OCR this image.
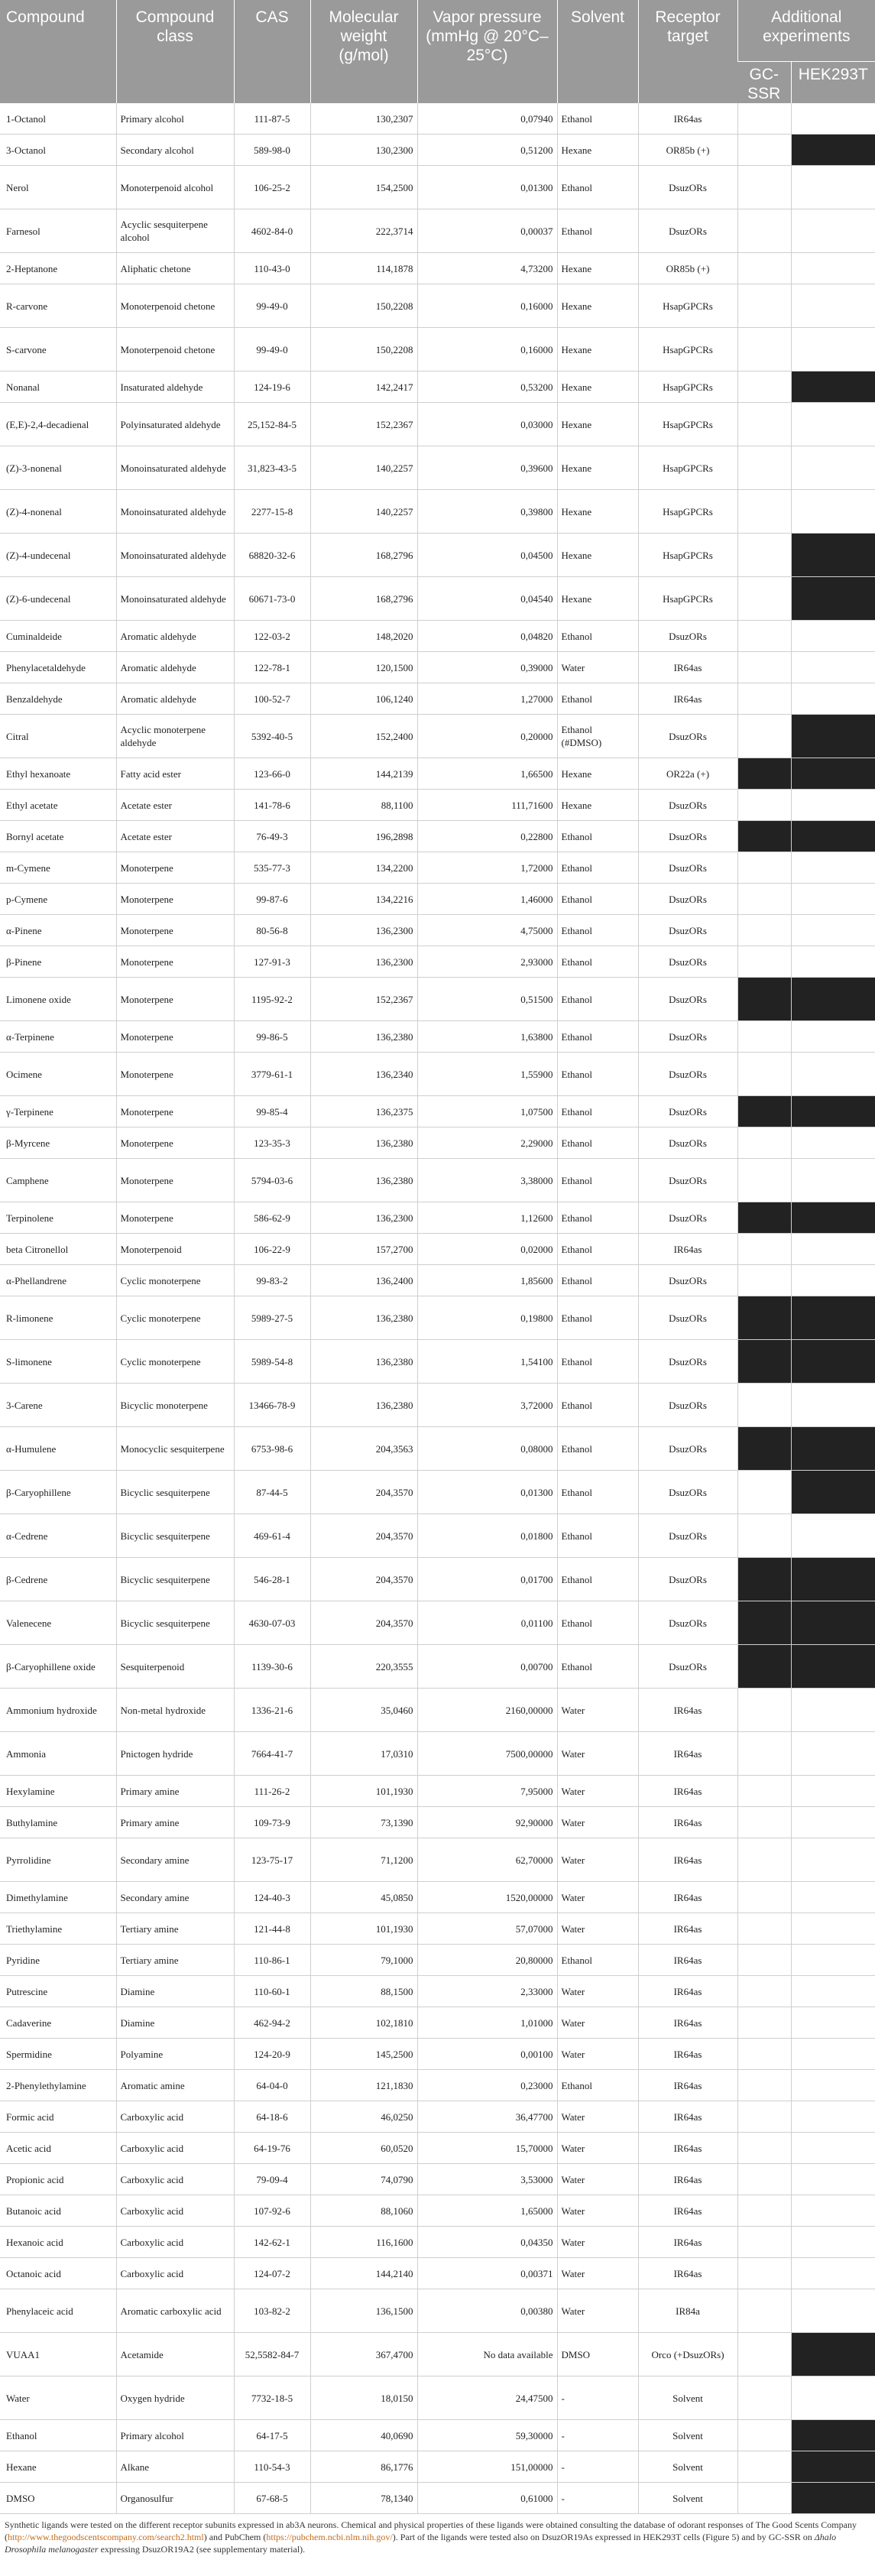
Compound	Compound class	CAS	Molecular weight (g/mol)	Vapor pressure (mmHg @ 20°C–25°C)	Solvent	Receptor target	Additional experiments	
							GC-SSR	HEK293T
1-Octanol	Primary alcohol	111-87-5	130,2307	0,07940	Ethanol	IR64as		
3-Octanol	Secondary alcohol	589-98-0	130,2300	0,51200	Hexane	OR85b (+)		
Nerol	Monoterpenoid alcohol	106-25-2	154,2500	0,01300	Ethanol	DsuzORs		
Farnesol	Acyclic sesquiterpene alcohol	4602-84-0	222,3714	0,00037	Ethanol	DsuzORs		
2-Heptanone	Aliphatic chetone	110-43-0	114,1878	4,73200	Hexane	OR85b (+)		
R-carvone	Monoterpenoid chetone	99-49-0	150,2208	0,16000	Hexane	HsapGPCRs		
S-carvone	Monoterpenoid chetone	99-49-0	150,2208	0,16000	Hexane	HsapGPCRs		
Nonanal	Insaturated aldehyde	124-19-6	142,2417	0,53200	Hexane	HsapGPCRs		
(E,E)-2,4-decadienal	Polyinsaturated aldehyde	25,152-84-5	152,2367	0,03000	Hexane	HsapGPCRs		
(Z)-3-nonenal	Monoinsaturated aldehyde	31,823-43-5	140,2257	0,39600	Hexane	HsapGPCRs		
(Z)-4-nonenal	Monoinsaturated aldehyde	2277-15-8	140,2257	0,39800	Hexane	HsapGPCRs		
(Z)-4-undecenal	Monoinsaturated aldehyde	68820-32-6	168,2796	0,04500	Hexane	HsapGPCRs		
(Z)-6-undecenal	Monoinsaturated aldehyde	60671-73-0	168,2796	0,04540	Hexane	HsapGPCRs		
Cuminaldeide	Aromatic aldehyde	122-03-2	148,2020	0,04820	Ethanol	DsuzORs		
Phenylacetaldehyde	Aromatic aldehyde	122-78-1	120,1500	0,39000	Water	IR64as		
Benzaldehyde	Aromatic aldehyde	100-52-7	106,1240	1,27000	Ethanol	IR64as		
Citral	Acyclic monoterpene aldehyde	5392-40-5	152,2400	0,20000	Ethanol (#DMSO)	DsuzORs		
Ethyl hexanoate	Fatty acid ester	123-66-0	144,2139	1,66500	Hexane	OR22a (+)		
Ethyl acetate	Acetate ester	141-78-6	88,1100	111,71600	Hexane	DsuzORs		
Bornyl acetate	Acetate ester	76-49-3	196,2898	0,22800	Ethanol	DsuzORs		
m-Cymene	Monoterpene	535-77-3	134,2200	1,72000	Ethanol	DsuzORs		
p-Cymene	Monoterpene	99-87-6	134,2216	1,46000	Ethanol	DsuzORs		
α-Pinene	Monoterpene	80-56-8	136,2300	4,75000	Ethanol	DsuzORs		
β-Pinene	Monoterpene	127-91-3	136,2300	2,93000	Ethanol	DsuzORs		
Limonene oxide	Monoterpene	1195-92-2	152,2367	0,51500	Ethanol	DsuzORs		
α-Terpinene	Monoterpene	99-86-5	136,2380	1,63800	Ethanol	DsuzORs		
Ocimene	Monoterpene	3779-61-1	136,2340	1,55900	Ethanol	DsuzORs		
γ-Terpinene	Monoterpene	99-85-4	136,2375	1,07500	Ethanol	DsuzORs		
β-Myrcene	Monoterpene	123-35-3	136,2380	2,29000	Ethanol	DsuzORs		
Camphene	Monoterpene	5794-03-6	136,2380	3,38000	Ethanol	DsuzORs		
Terpinolene	Monoterpene	586-62-9	136,2300	1,12600	Ethanol	DsuzORs		
beta Citronellol	Monoterpenoid	106-22-9	157,2700	0,02000	Ethanol	IR64as		
α-Phellandrene	Cyclic monoterpene	99-83-2	136,2400	1,85600	Ethanol	DsuzORs		
R-limonene	Cyclic monoterpene	5989-27-5	136,2380	0,19800	Ethanol	DsuzORs		
S-limonene	Cyclic monoterpene	5989-54-8	136,2380	1,54100	Ethanol	DsuzORs		
3-Carene	Bicyclic monoterpene	13466-78-9	136,2380	3,72000	Ethanol	DsuzORs		
α-Humulene	Monocyclic sesquiterpene	6753-98-6	204,3563	0,08000	Ethanol	DsuzORs		
β-Caryophillene	Bicyclic sesquiterpene	87-44-5	204,3570	0,01300	Ethanol	DsuzORs		
α-Cedrene	Bicyclic sesquiterpene	469-61-4	204,3570	0,01800	Ethanol	DsuzORs		
β-Cedrene	Bicyclic sesquiterpene	546-28-1	204,3570	0,01700	Ethanol	DsuzORs		
Valenecene	Bicyclic sesquiterpene	4630-07-03	204,3570	0,01100	Ethanol	DsuzORs		
β-Caryophillene oxide	Sesquiterpenoid	1139-30-6	220,3555	0,00700	Ethanol	DsuzORs		
Ammonium hydroxide	Non-metal hydroxide	1336-21-6	35,0460	2160,00000	Water	IR64as		
Ammonia	Pnictogen hydride	7664-41-7	17,0310	7500,00000	Water	IR64as		
Hexylamine	Primary amine	111-26-2	101,1930	7,95000	Water	IR64as		
Buthylamine	Primary amine	109-73-9	73,1390	92,90000	Water	IR64as		
Pyrrolidine	Secondary amine	123-75-17	71,1200	62,70000	Water	IR64as		
Dimethylamine	Secondary amine	124-40-3	45,0850	1520,00000	Water	IR64as		
Triethylamine	Tertiary amine	121-44-8	101,1930	57,07000	Water	IR64as		
Pyridine	Tertiary amine	110-86-1	79,1000	20,80000	Ethanol	IR64as		
Putrescine	Diamine	110-60-1	88,1500	2,33000	Water	IR64as		
Cadaverine	Diamine	462-94-2	102,1810	1,01000	Water	IR64as		
Spermidine	Polyamine	124-20-9	145,2500	0,00100	Water	IR64as		
2-Phenylethylamine	Aromatic amine	64-04-0	121,1830	0,23000	Ethanol	IR64as		
Formic acid	Carboxylic acid	64-18-6	46,0250	36,47700	Water	IR64as		
Acetic acid	Carboxylic acid	64-19-76	60,0520	15,70000	Water	IR64as		
Propionic acid	Carboxylic acid	79-09-4	74,0790	3,53000	Water	IR64as		
Butanoic acid	Carboxylic acid	107-92-6	88,1060	1,65000	Water	IR64as		
Hexanoic acid	Carboxylic acid	142-62-1	116,1600	0,04350	Water	IR64as		
Octanoic acid	Carboxylic acid	124-07-2	144,2140	0,00371	Water	IR64as		
Phenylaceic acid	Aromatic carboxylic acid	103-82-2	136,1500	0,00380	Water	IR84a		
VUAA1	Acetamide	52,5582-84-7	367,4700	No data available	DMSO	Orco (+DsuzORs)		
Water	Oxygen hydride	7732-18-5	18,0150	24,47500	-	Solvent		
Ethanol	Primary alcohol	64-17-5	40,0690	59,30000	-	Solvent		
Hexane	Alkane	110-54-3	86,1776	151,00000	-	Solvent		
DMSO	Organosulfur	67-68-5	78,1340	0,61000	-	Solvent		
Synthetic ligands were tested on the different receptor subunits expressed in ab3A neurons. Chemical and physical properties of these ligands were obtained consulting the database of odorant responses of The Good Scents Company (http://www.thegoodscentscompany.com/search2.html) and PubChem (https://pubchem.ncbi.nlm.nih.gov/). Part of the ligands were tested also on DsuzOR19As expressed in HEK293T cells (Figure 5) and by GC-SSR on Δhalo Drosophila melanogaster expressing DsuzOR19A2 (see supplementary material).
